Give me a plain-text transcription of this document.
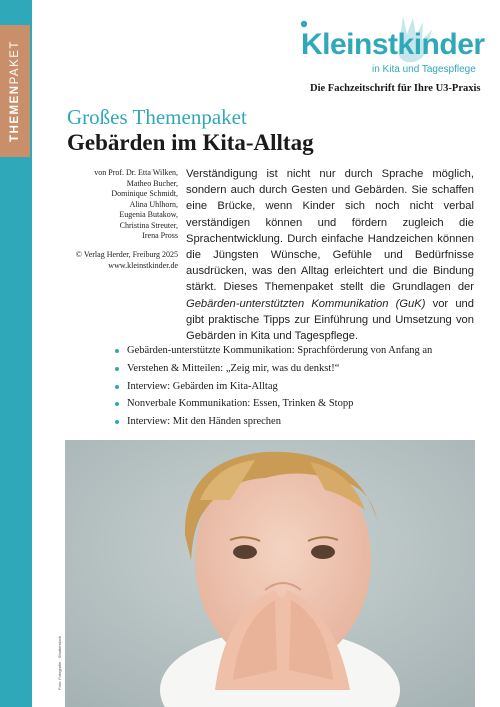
THEMENPAKET	Kleinstkinder
in Kita und Tagespflege
Die Fachzeitschrift für Ihre U3-Praxis
Großes Themenpaket
Gebärden im Kita-Alltag
von Prof. Dr. Etta Wilken,
Matheo Bucher,
Dominique Schmidt,
Alina Uhlhorn,
Eugenia Butakow,
Christina Streuter,
Irena Pross
© Verlag Herder, Freiburg 2025
www.kleinstkinder.de
Verständigung ist nicht nur durch Sprache möglich, sondern auch durch Gesten und Gebärden. Sie schaffen eine Brücke, wenn Kinder sich noch nicht verbal verständigen können und fördern zugleich die Sprachentwicklung. Durch einfache Handzeichen können die Jüngsten Wünsche, Gefühle und Bedürfnisse ausdrücken, was den Alltag erleichtert und die Bindung stärkt. Dieses Themenpaket stellt die Grundlagen der Gebärden-unterstützten Kommunikation (GuK) vor und gibt praktische Tipps zur Einführung und Umsetzung von Gebärden in Kita und Tagespflege.
Gebärden-unterstützte Kommunikation: Sprachförderung von Anfang an
Verstehen & Mitteilen: „Zeig mir, was du denkst!“
Interview: Gebärden im Kita-Alltag
Nonverbale Kommunikation: Essen, Trinken & Stopp
Interview: Mit den Händen sprechen
Foto: Fotografie · Shutterstock
